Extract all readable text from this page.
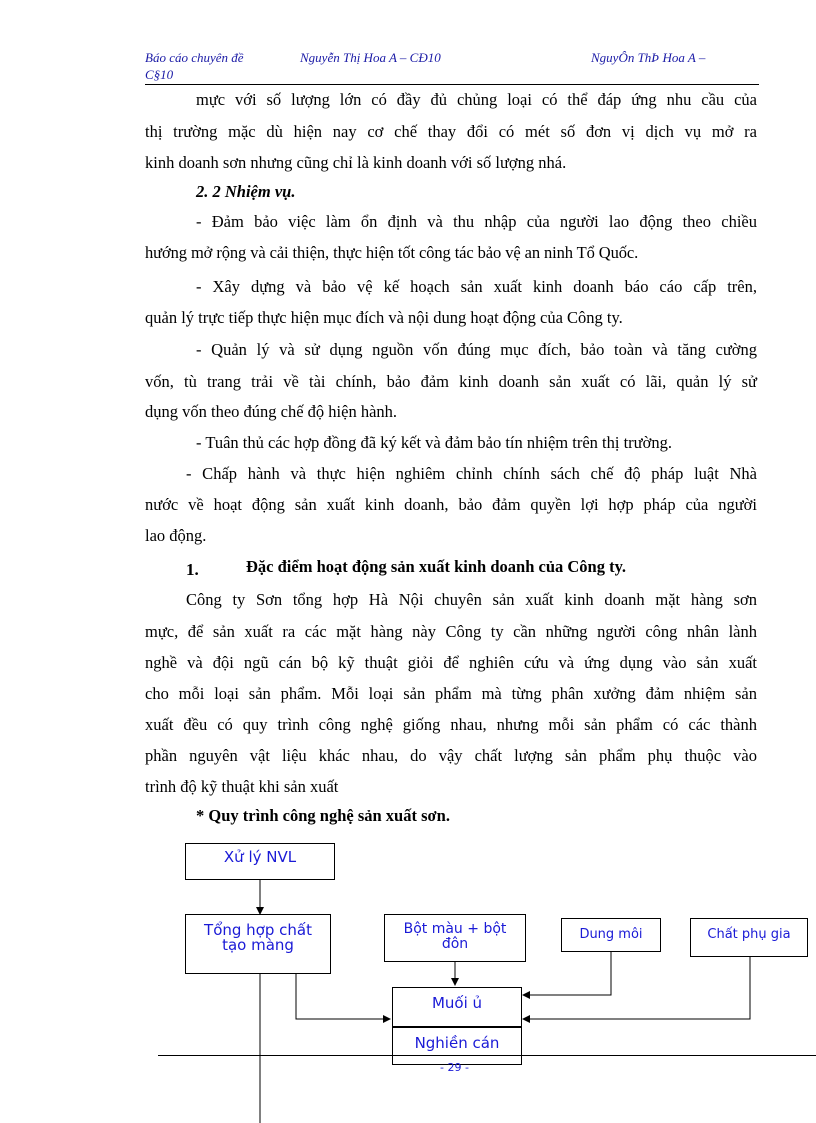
Báo cáo chuyên đề	Nguyễn Thị Hoa A – CĐ10	NguyÔn ThÞ Hoa A –
C§10
mực với số lượng lớn có đầy đủ chủng loại có thể đáp ứng nhu cầu của
thị trường mặc dù hiện nay cơ chế thay đổi có mét số đơn vị dịch vụ mở ra
kinh doanh sơn nhưng cũng chỉ là kinh doanh với số lượng nhá.
2. 2 Nhiệm vụ.
- Đảm bảo việc làm ổn định và thu nhập của người lao động theo chiều
hướng mở rộng và cải thiện, thực hiện tốt công tác bảo vệ an ninh Tổ Quốc.
- Xây dựng và bảo vệ kế hoạch sản xuất kinh doanh báo cáo cấp trên,
quản lý trực tiếp thực hiện mục đích và nội dung hoạt động của Công ty.
- Quản lý và sử dụng nguồn vốn đúng mục đích, bảo toàn và tăng cường
vốn, tù trang trải về tài chính, bảo đảm kinh doanh sản xuất có lãi, quản lý sử
dụng vốn theo đúng chế độ hiện hành.
- Tuân thủ các hợp đồng đã ký kết và đảm bảo tín nhiệm trên thị trường.
- Chấp hành và thực hiện nghiêm chỉnh chính sách chế độ pháp luật Nhà
nước về hoạt động sản xuất kinh doanh, bảo đảm quyền lợi hợp pháp của người
lao động.
1.	Đặc điểm hoạt động sản xuất kinh doanh của Công ty.
Công ty Sơn tổng hợp Hà Nội chuyên sản xuất kinh doanh mặt hàng sơn
mực, để sản xuất ra các mặt hàng này Công ty cần những người công nhân lành
nghề và đội ngũ cán bộ kỹ thuật giỏi để nghiên cứu và ứng dụng vào sản xuất
cho mỗi loại sản phẩm. Mỗi loại sản phẩm mà từng phân xưởng đảm nhiệm sản
xuất đều có quy trình công nghệ giống nhau, nhưng mỗi sản phẩm có các thành
phần nguyên vật liệu khác nhau, do vậy chất lượng sản phẩm phụ thuộc vào
trình độ kỹ thuật khi sản xuất
* Quy trình công nghệ sản xuất sơn.
Xử lý NVL
Tổng hợp chất
tạo màng
Bột màu + bột
đôn
Dung môi	Chất phụ gia
Muối ủ
Nghiền cán
- 29 -
